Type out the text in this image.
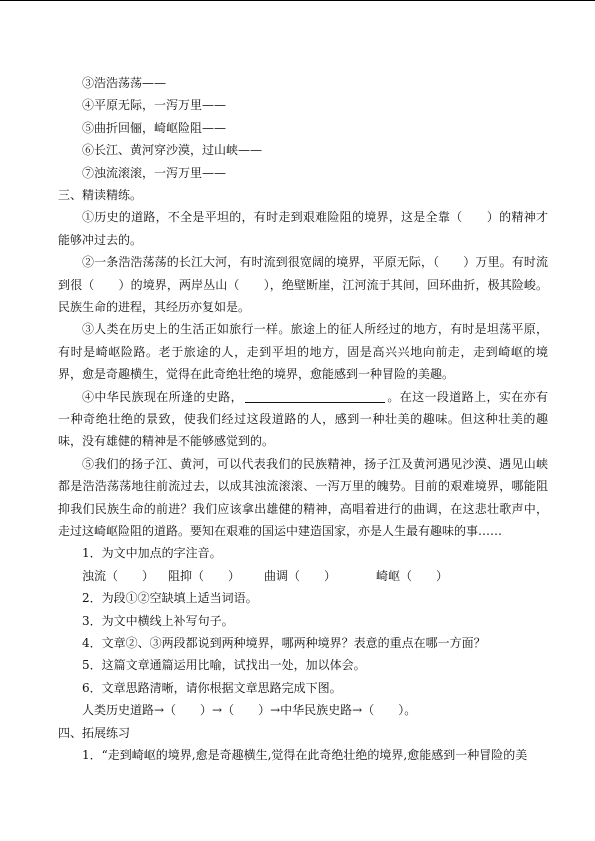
③浩浩荡荡——
④平原无际，一泻万里——
⑤曲折回俪，崎岖险阻——
⑥长江、黄河穿沙漠，过山峡——
⑦浊流滚滚，一泻万里——
三、精读精练。
①历史的道路，不全是平坦的，有时走到艰难险阻的境界，这是全靠（　　）的精神才能够冲过去的。
②一条浩浩荡荡的长江大河，有时流到很宽阔的境界，平原无际，（　　）万里。有时流到很（　　）的境界，两岸丛山（　　），绝壁断崖，江河流于其间，回环曲折，极其险峻。民族生命的进程，其经历亦复如是。
③人类在历史上的生活正如旅行一样。旅途上的征人所经过的地方，有时是坦荡平原，有时是崎岖险路。老于旅途的人，走到平坦的地方，固是高兴兴地向前走，走到崎岖的境界，愈是奇趣横生，觉得在此奇绝壮绝的境界，愈能感到一种冒险的美趣。
④中华民族现在所逢的史路，	。在这一段道路上，实在亦有一种奇绝壮绝的景致，使我们经过这段道路的人，感到一种壮美的趣味。但这种壮美的趣味，没有雄健的精神是不能够感觉到的。
⑤我们的扬子江、黄河，可以代表我们的民族精神，扬子江及黄河遇见沙漠、遇见山峡都是浩浩荡荡地往前流过去，以成其浊流滚滚、一泻万里的魄势。目前的艰难境界，哪能阻抑我们民族生命的前进？我们应该拿出雄健的精神，高唱着进行的曲调，在这悲壮歌声中，走过这崎岖险阻的道路。要知在艰难的国运中建造国家，亦是人生最有趣味的事……
1．为文中加点的字注音。
浊流（　　）	阻抑（　　）	曲调（　　）	崎岖（　　）
2．为段①②空缺填上适当词语。
3．为文中横线上补写句子。
4．文章②、③两段都说到两种境界，哪两种境界？表意的重点在哪一方面？
5．这篇文章通篇运用比喻，试找出一处，加以体会。
6．文章思路清晰，请你根据文章思路完成下图。
人类历史道路→（　　）→（　　）→中华民族史路→（　　）。
四、拓展练习
1．“走到崎岖的境界,愈是奇趣横生,觉得在此奇绝壮绝的境界,愈能感到一种冒险的美
